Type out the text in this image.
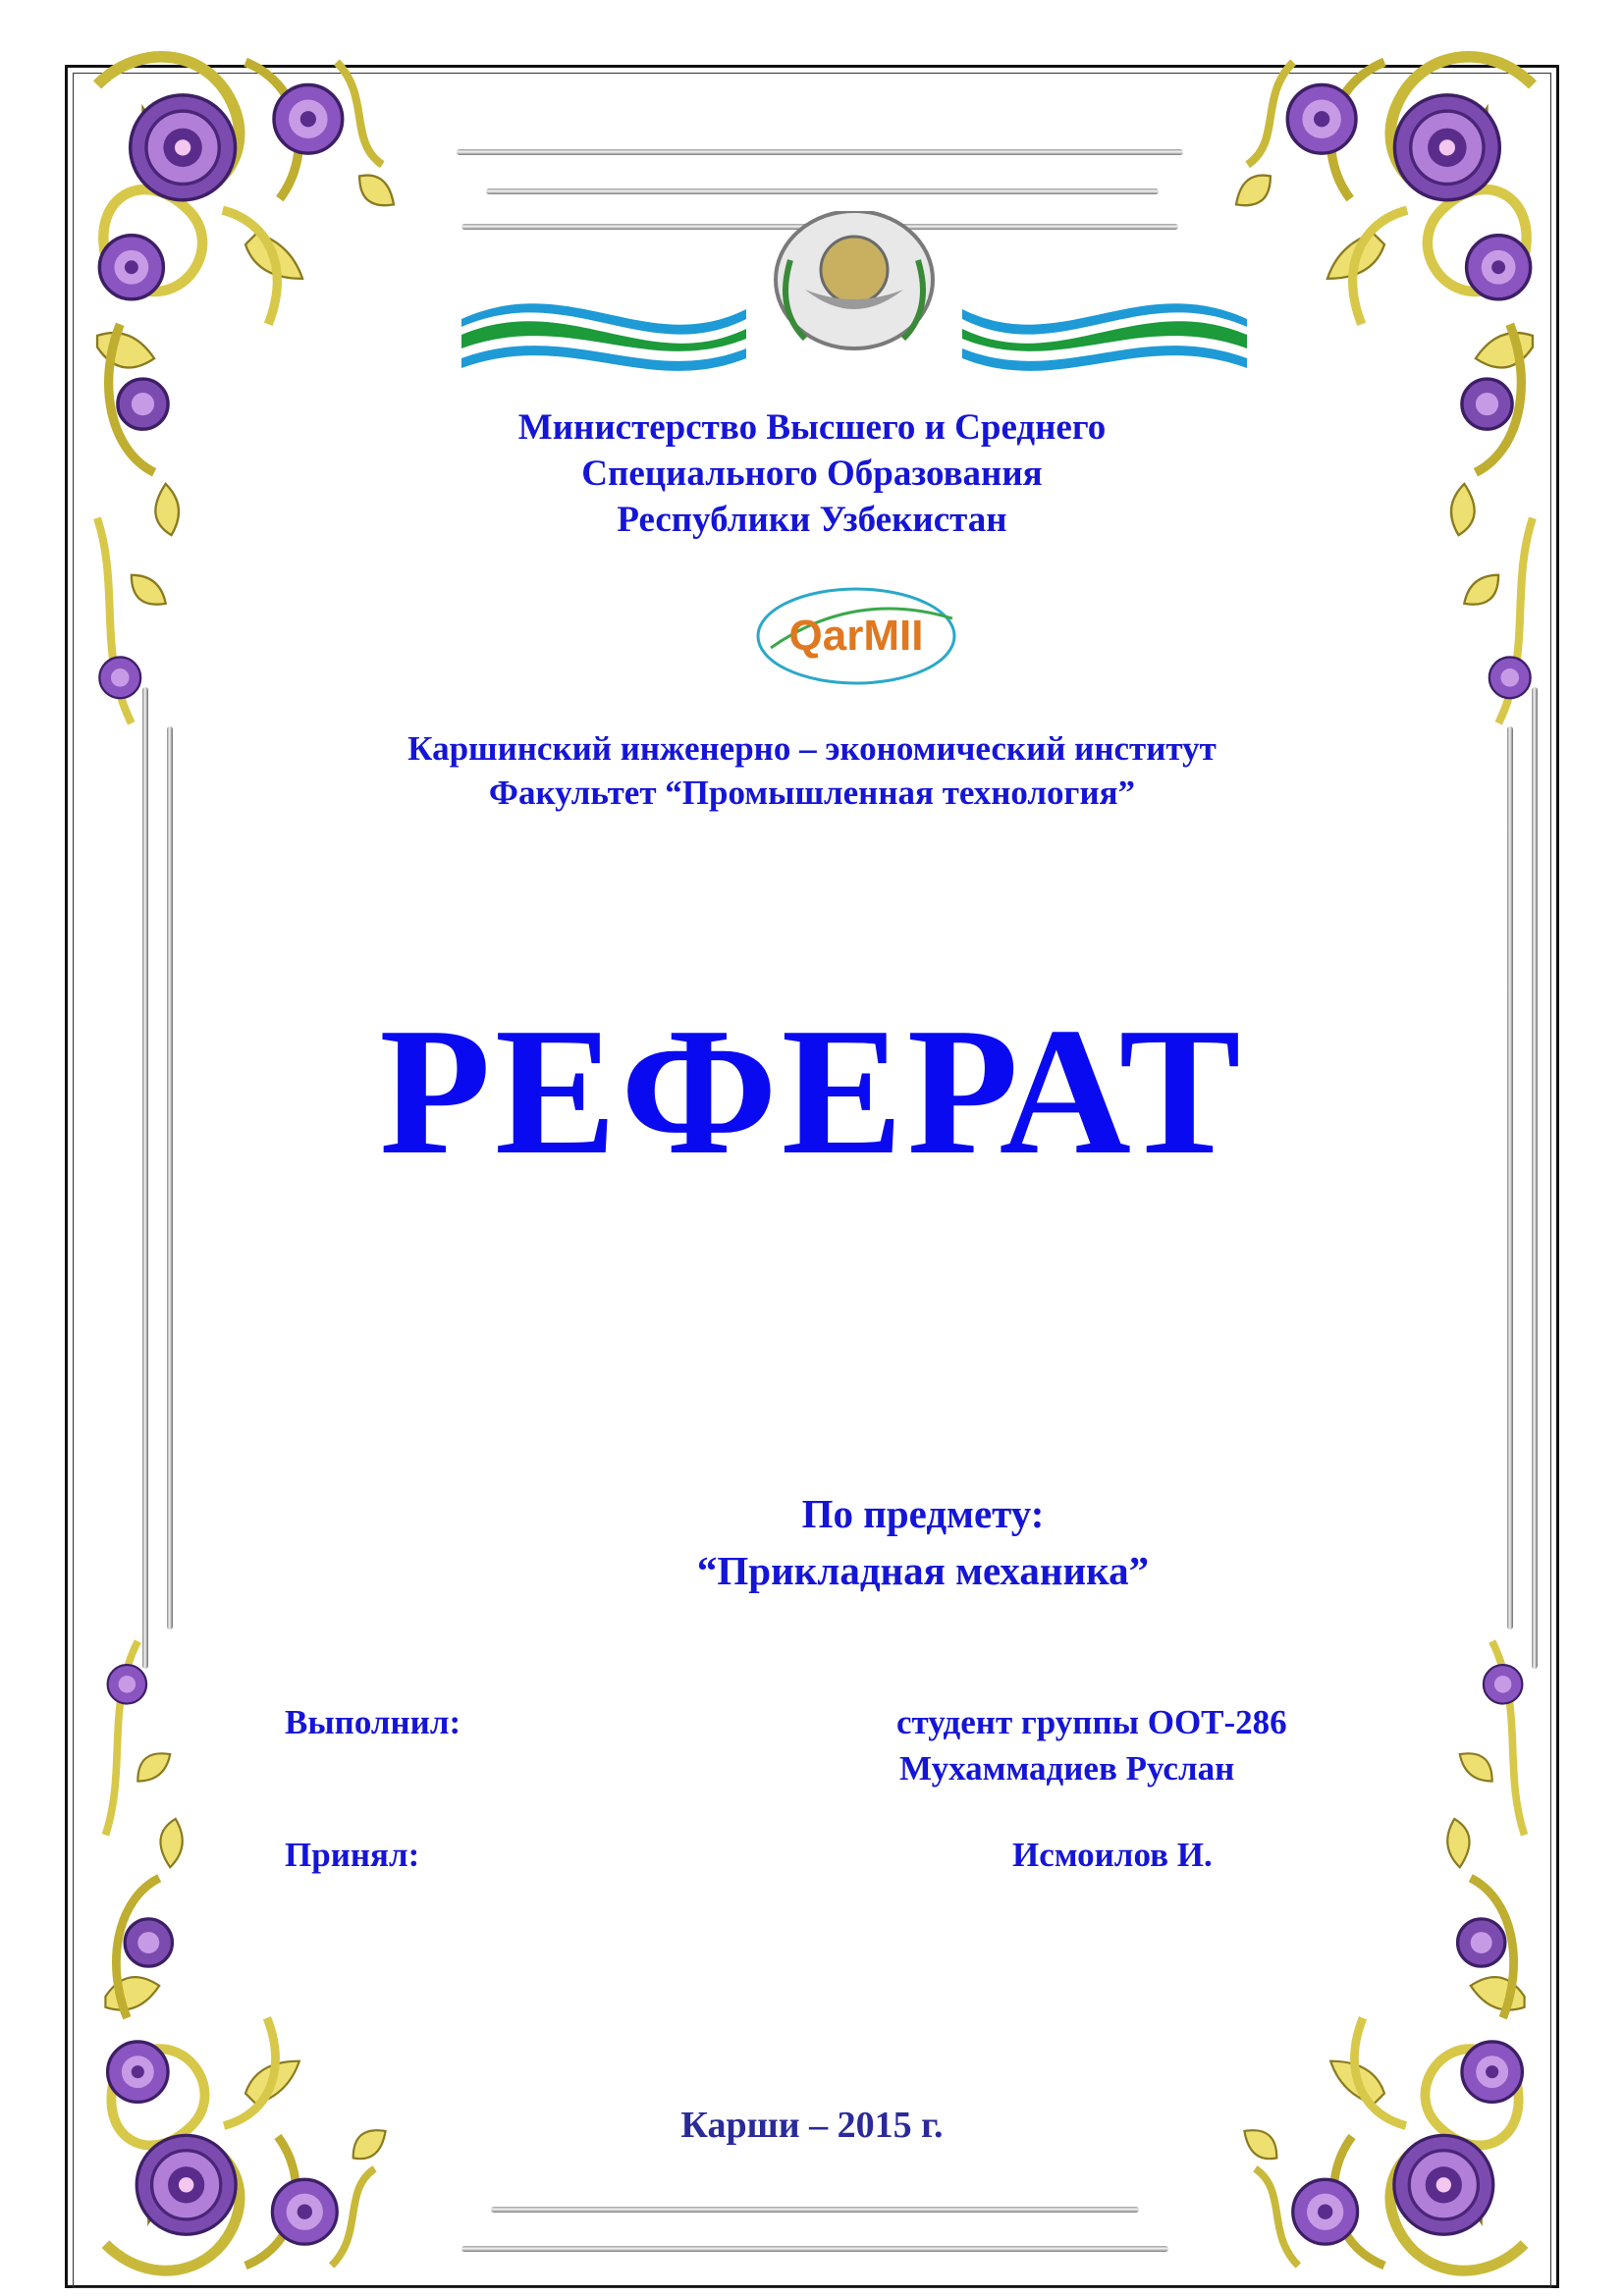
Министерство Высшего и Среднего
Специального Образования
Республики Узбекистан
QarMII
Каршинский инженерно – экономический институт
Факультет “Промышленная технология”
РЕФЕРАТ
По предмету:
“Прикладная механика”
Выполнил:	студент группы ООТ-286
Мухаммадиев Руслан
Принял:	Исмоилов И.
Карши – 2015 г.
